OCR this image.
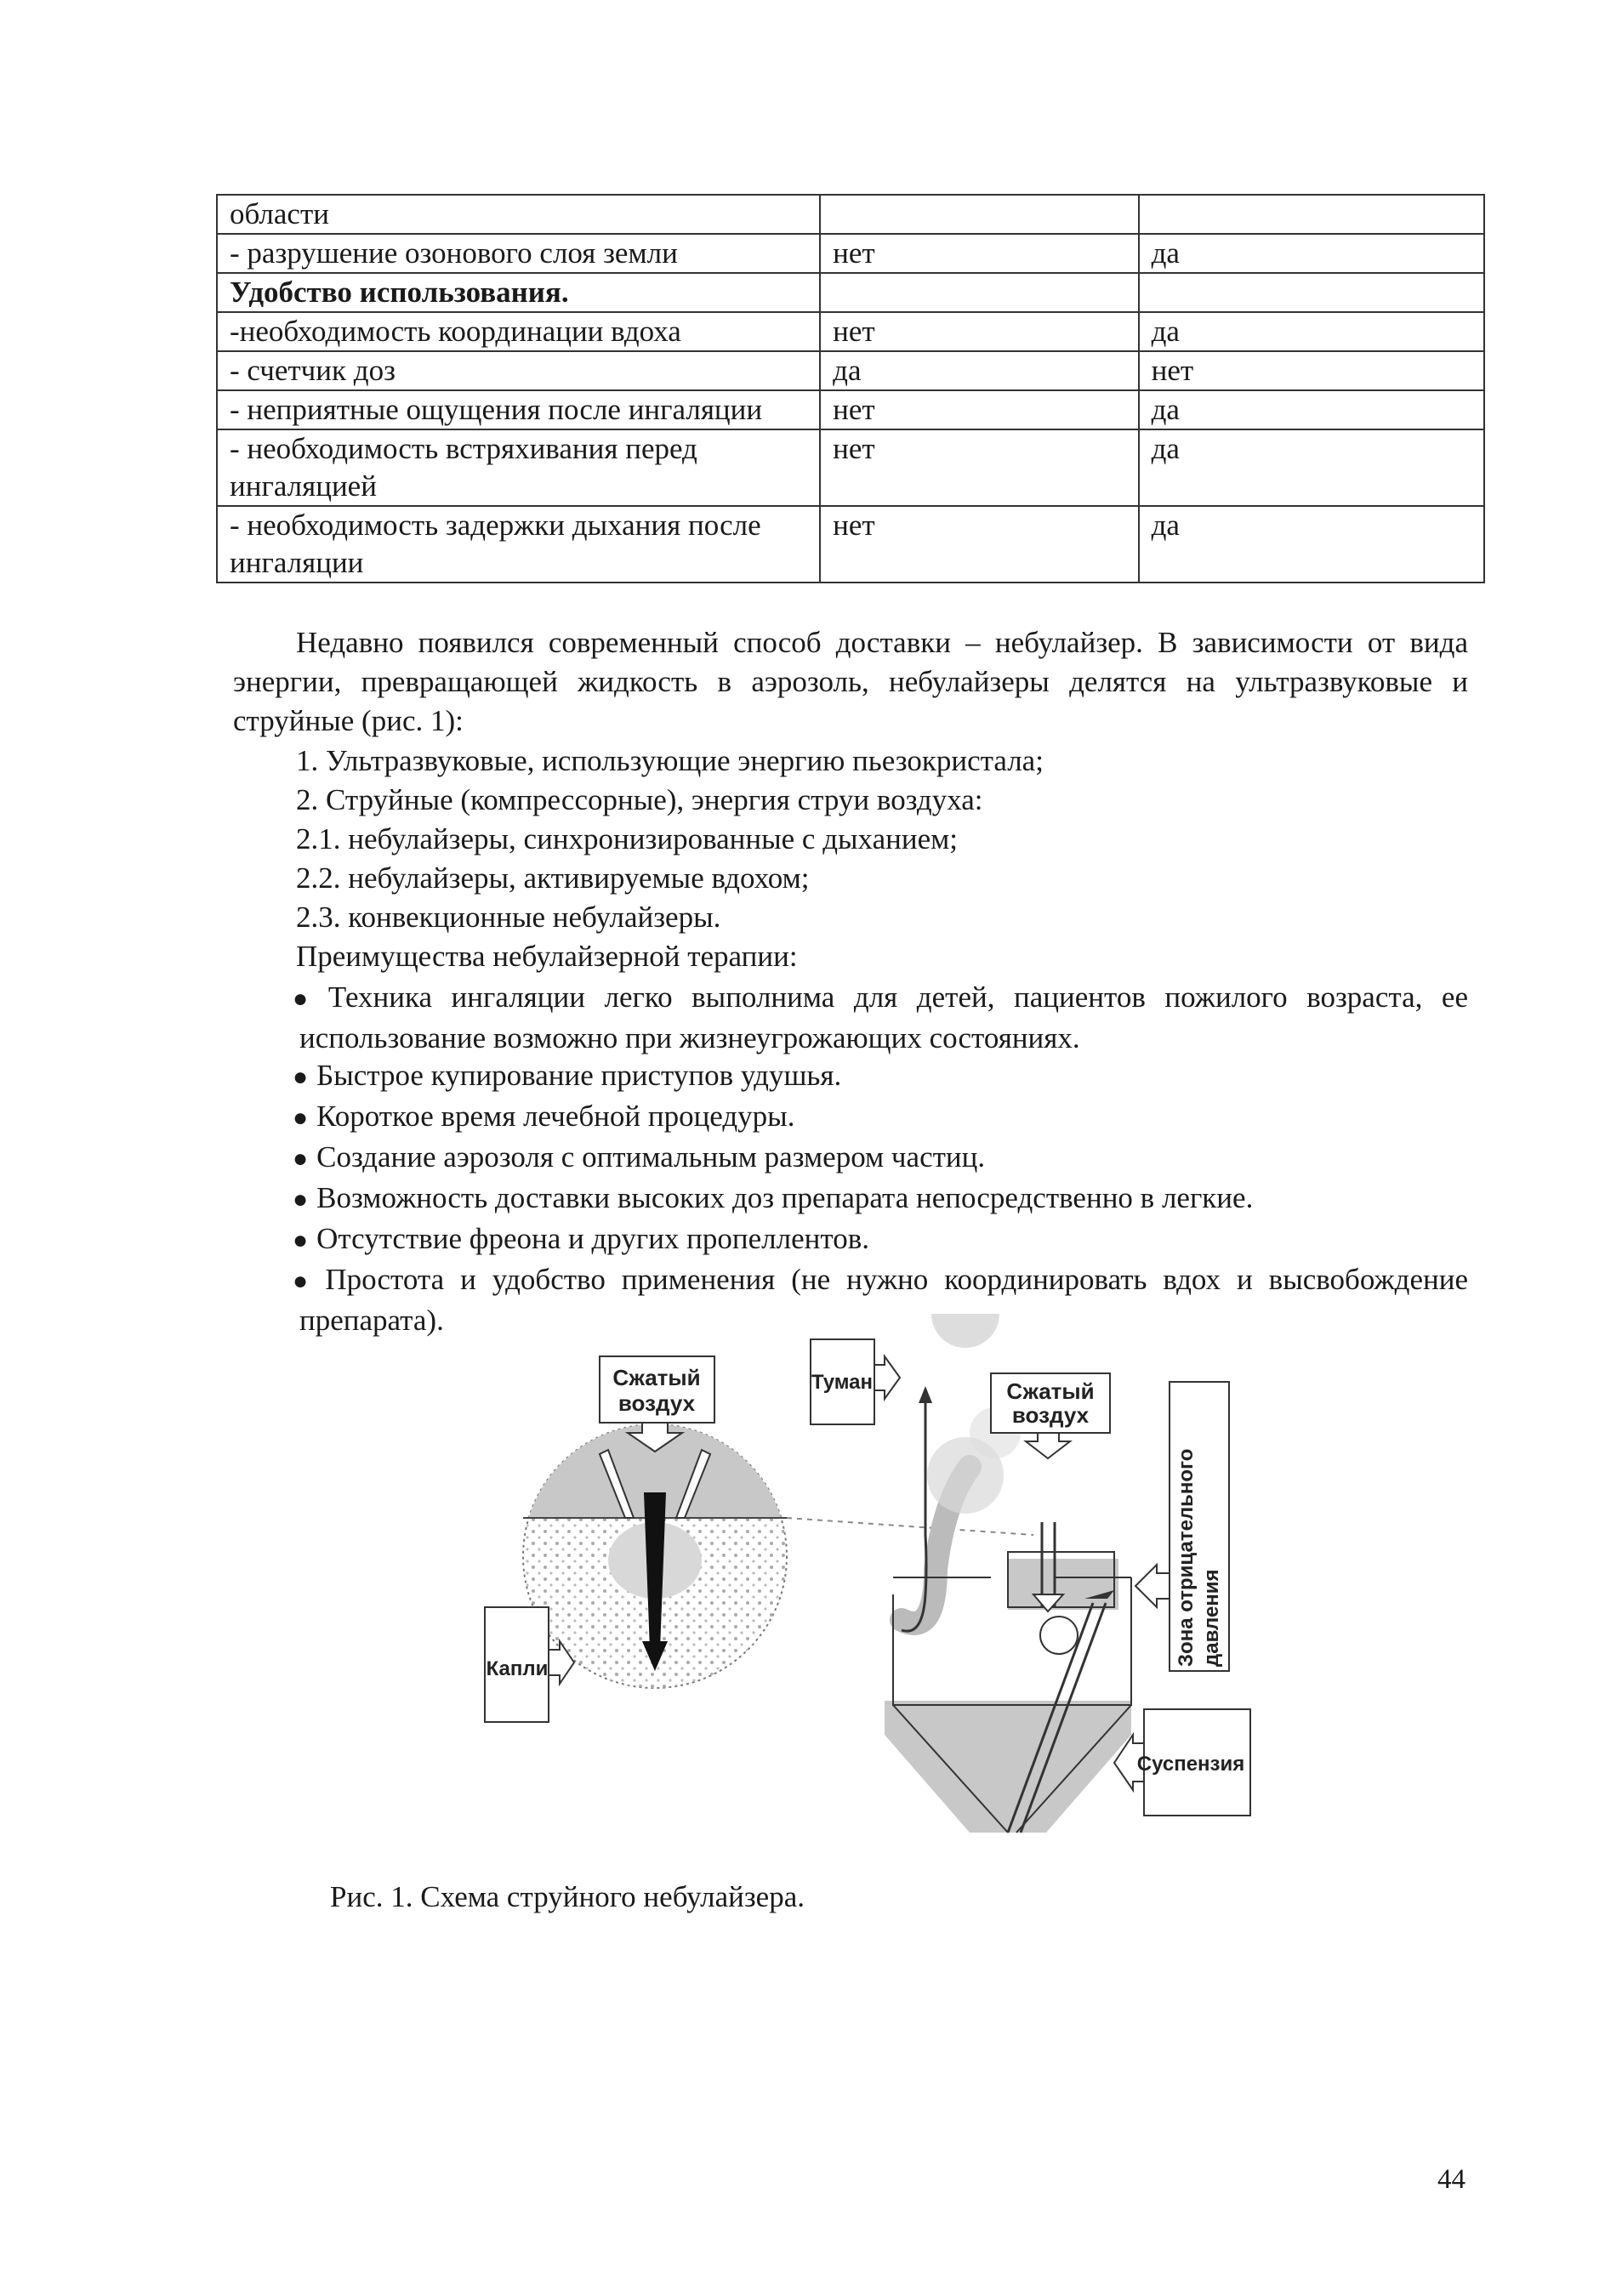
области		
- разрушение озонового слоя земли	нет	да
Удобство использования.		
-необходимость координации вдоха	нет	да
- счетчик доз	да	нет
- неприятные ощущения после ингаляции	нет	да
- необходимость встряхивания перед ингаляцией	нет	да
- необходимость задержки дыхания после ингаляции	нет	да
Недавно появился современный способ доставки – небулайзер. В зависимости от вида энергии, превращающей жидкость в аэрозоль, небулайзеры делятся на ультразвуковые и струйные (рис. 1):
1. Ультразвуковые, использующие энергию пьезокристала;
2. Струйные (компрессорные), энергия струи воздуха:
2.1. небулайзеры, синхронизированные с дыханием;
2.2. небулайзеры, активируемые вдохом;
2.3. конвекционные небулайзеры.
Преимущества небулайзерной терапии:
● Техника ингаляции легко выполнима для детей, пациентов пожилого возраста, ее использование возможно при жизнеугрожающих состояниях.
● Быстрое купирование приступов удушья.
● Короткое время лечебной процедуры.
● Создание аэрозоля с оптимальным размером частиц.
● Возможность доставки высоких доз препарата непосредственно в легкие.
● Отсутствие фреона и других пропеллентов.
● Простота и удобство применения (не нужно координировать вдох и высвобождение препарата).
Сжатый
воздух
Капли
Туман	Сжатый
воздух
Зона отрицательного давления
Суспензия
Рис. 1. Схема струйного небулайзера.
44
